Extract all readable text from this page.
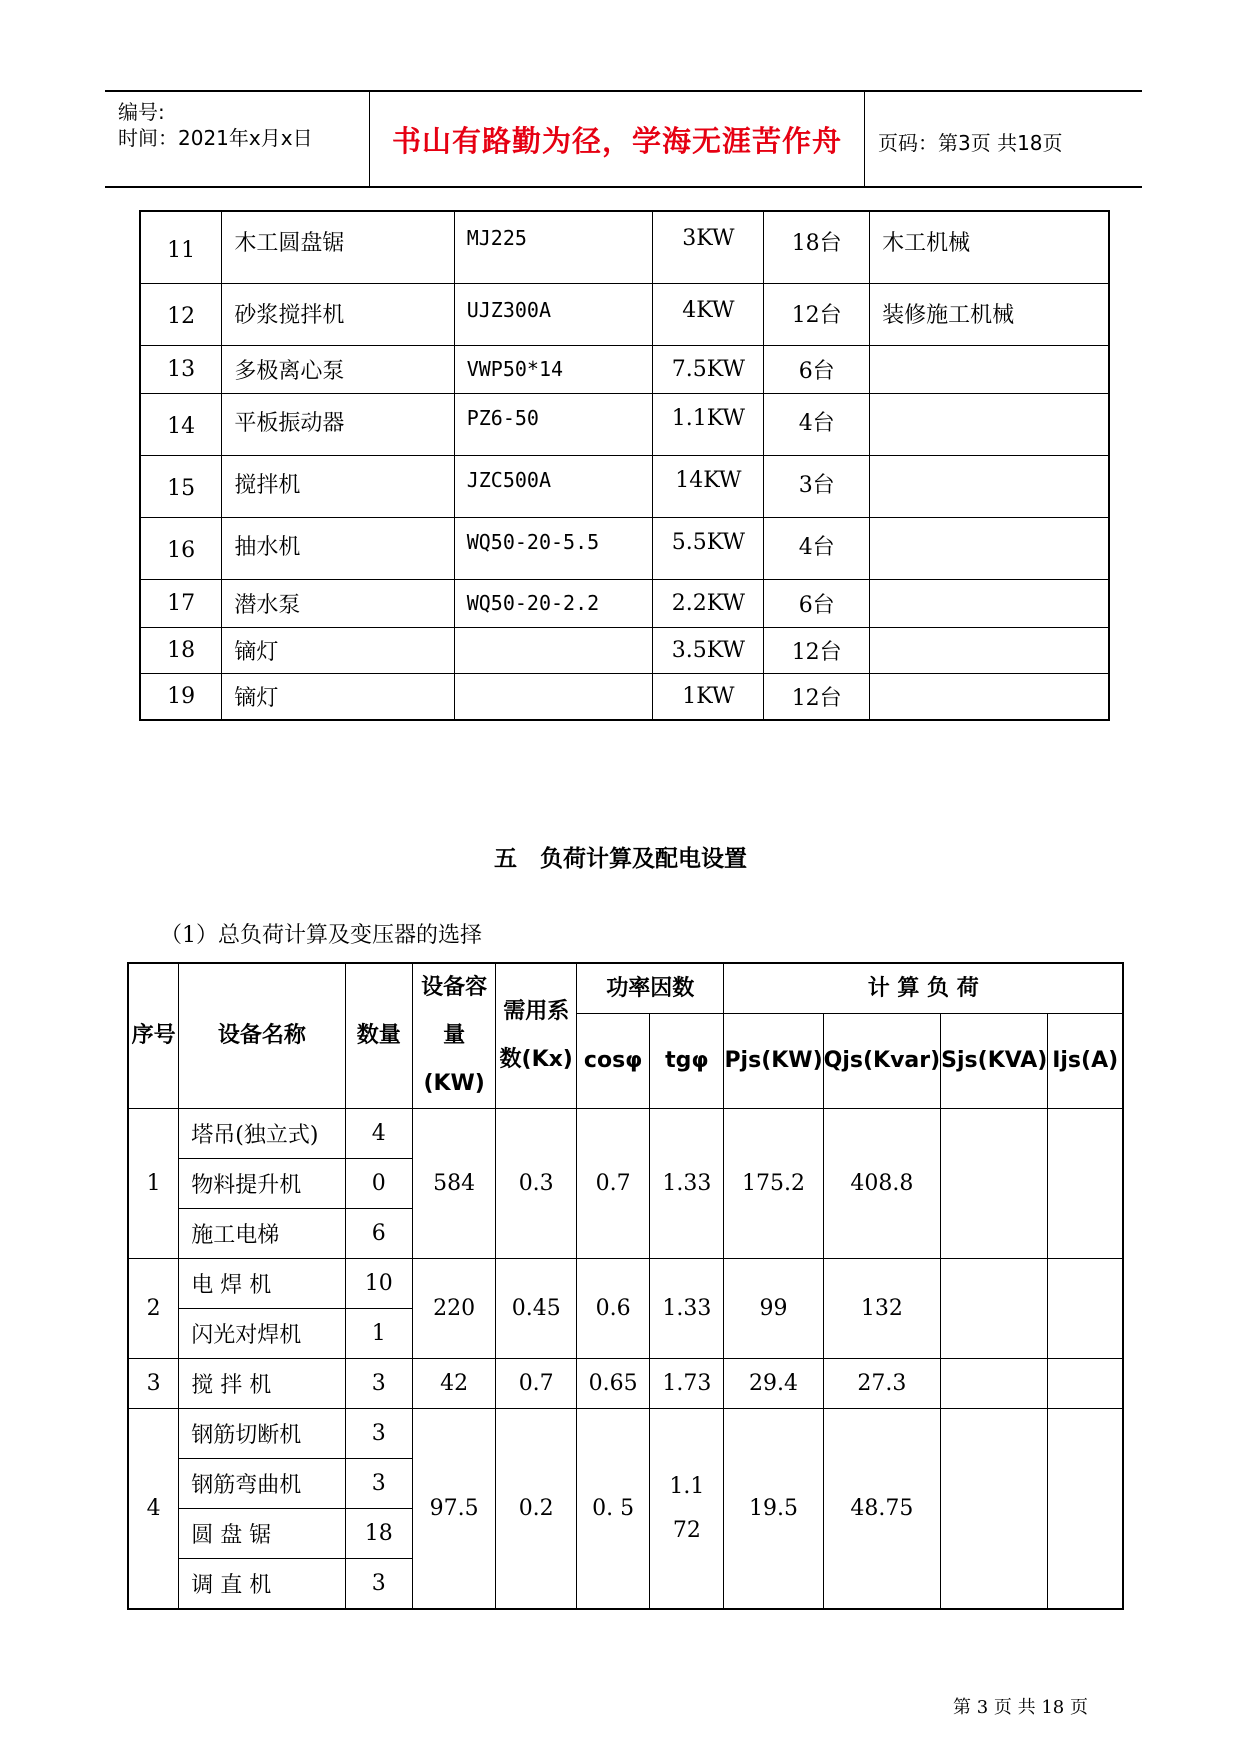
编号:
时间：2021年x月x日	书山有路勤为径，学海无涯苦作舟	页码：第3页 共18页
11	木工圆盘锯	MJ225	3KW	18台	木工机械
12	砂浆搅拌机	UJZ300A	4KW	12台	装修施工机械
13	多极离心泵	VWP50*14	7.5KW	6台	
14	平板振动器	PZ6-50	1.1KW	4台	
15	搅拌机	JZC500A	14KW	3台	
16	抽水机	WQ50-20-5.5	5.5KW	4台	
17	潜水泵	WQ50-20-2.2	2.2KW	6台	
18	镝灯		3.5KW	12台	
19	镝灯		1KW	12台	
五　负荷计算及配电设置
（1）总负荷计算及变压器的选择
序号	设备名称	数量	设备容量(KW)	需用系数(Kx)	功率因数		计 算 负 荷			
					cosφ	tgφ	Pjs(KW)	Qjs(Kvar)	Sjs(KVA)	Ijs(A)

1	塔吊(独立式)	4	584	0.3	0.7	1.33	175.2	408.8		
	物料提升机	0								
	施工电梯	6								
2	电 焊 机	10	220	0.45	0.6	1.33	99	132		
	闪光对焊机	1								
3	搅 拌 机	3	42	0.7	0.65	1.73	29.4	27.3		
4	钢筋切断机	3	97.5	0.2	0. 5	1.172	19.5	48.75		
	钢筋弯曲机	3								
	圆 盘 锯	18								
	调 直 机	3								
第 3 页 共 18 页
